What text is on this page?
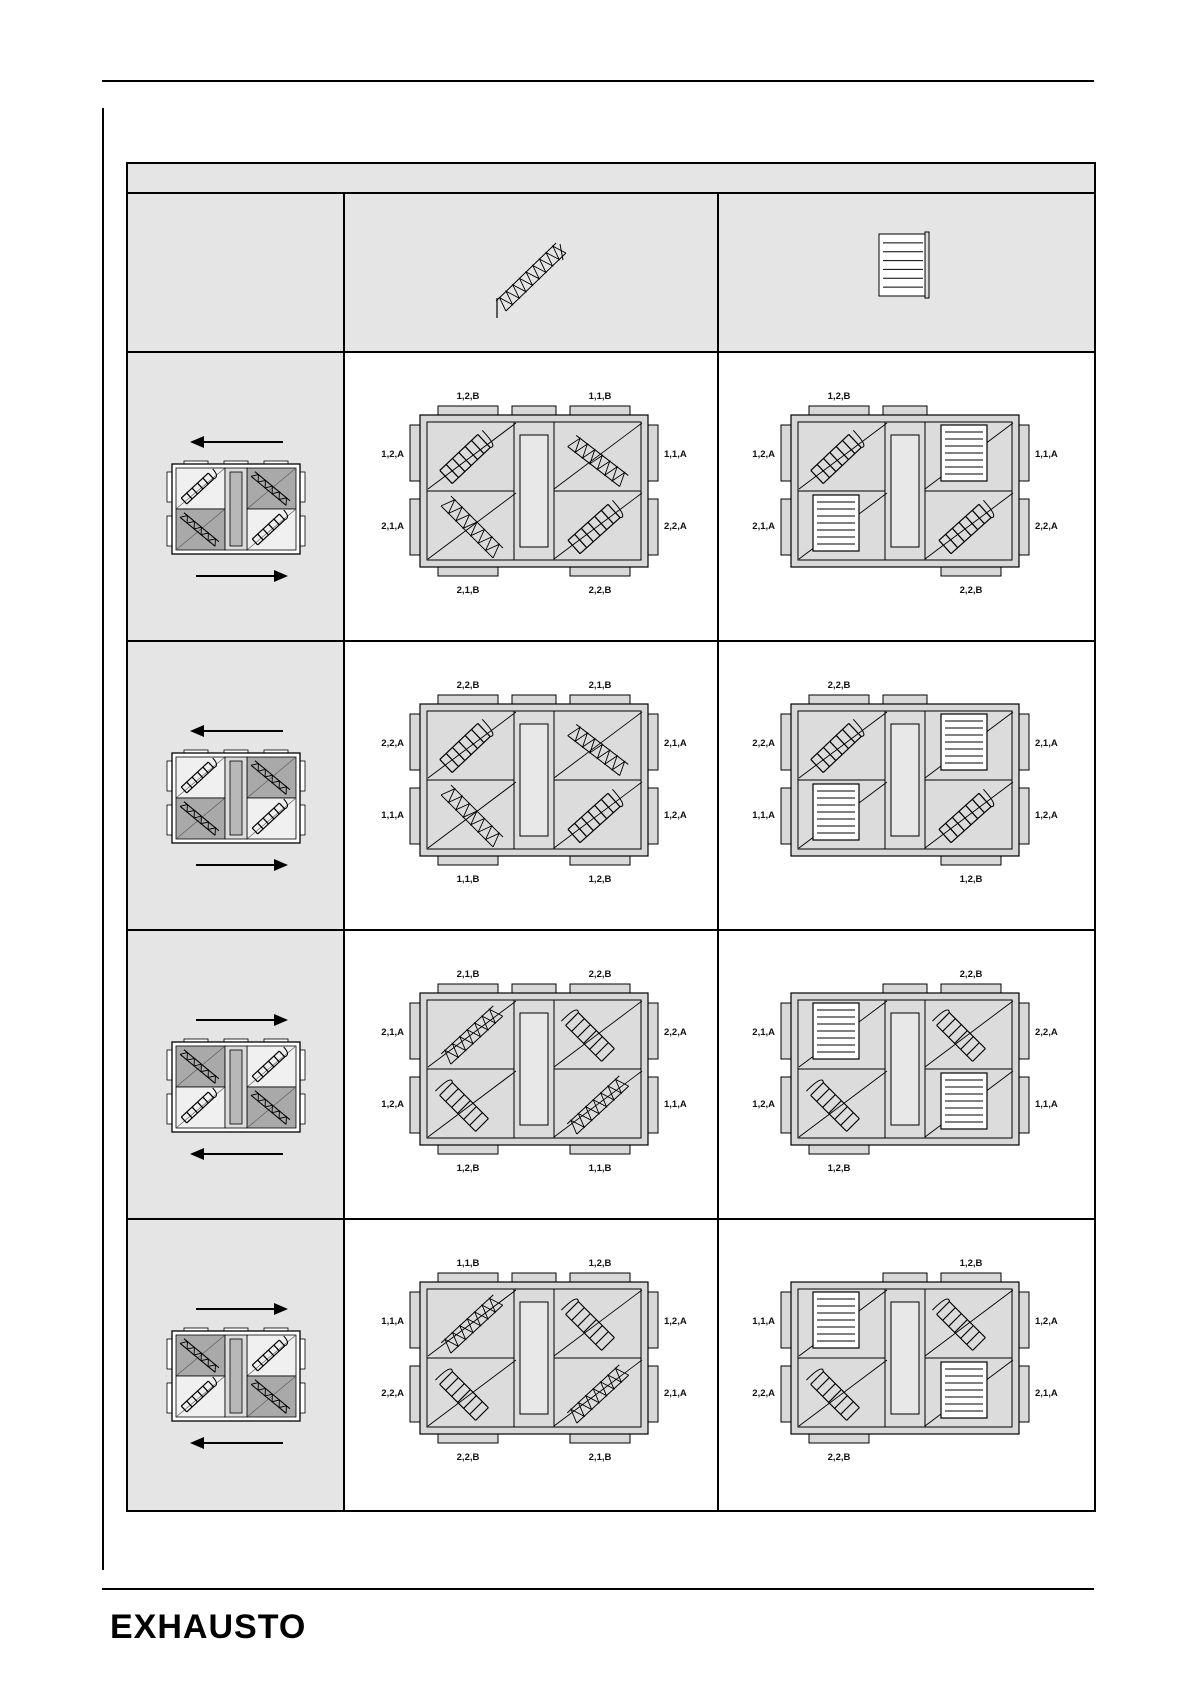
1,2,B	1,1,B
1,2,A
2,1,A
1,1,A
2,2,A
2,1,B	2,2,B
1,2,B
1,2,A
2,1,A
1,1,A
2,2,A
2,2,B
2,2,B	2,1,B
2,2,A
1,1,A
2,1,A
1,2,A
1,1,B	1,2,B
2,2,B
2,2,A
1,1,A
2,1,A
1,2,A
1,2,B
2,1,B	2,2,B
2,1,A
1,2,A
2,2,A
1,1,A
1,2,B	1,1,B
2,2,B
2,1,A
1,2,A
2,2,A
1,1,A
1,2,B
1,1,B	1,2,B
1,1,A
2,2,A
1,2,A
2,1,A
2,2,B	2,1,B
1,2,B
1,1,A
2,2,A
1,2,A
2,1,A
2,2,B
EXHAUSTO
